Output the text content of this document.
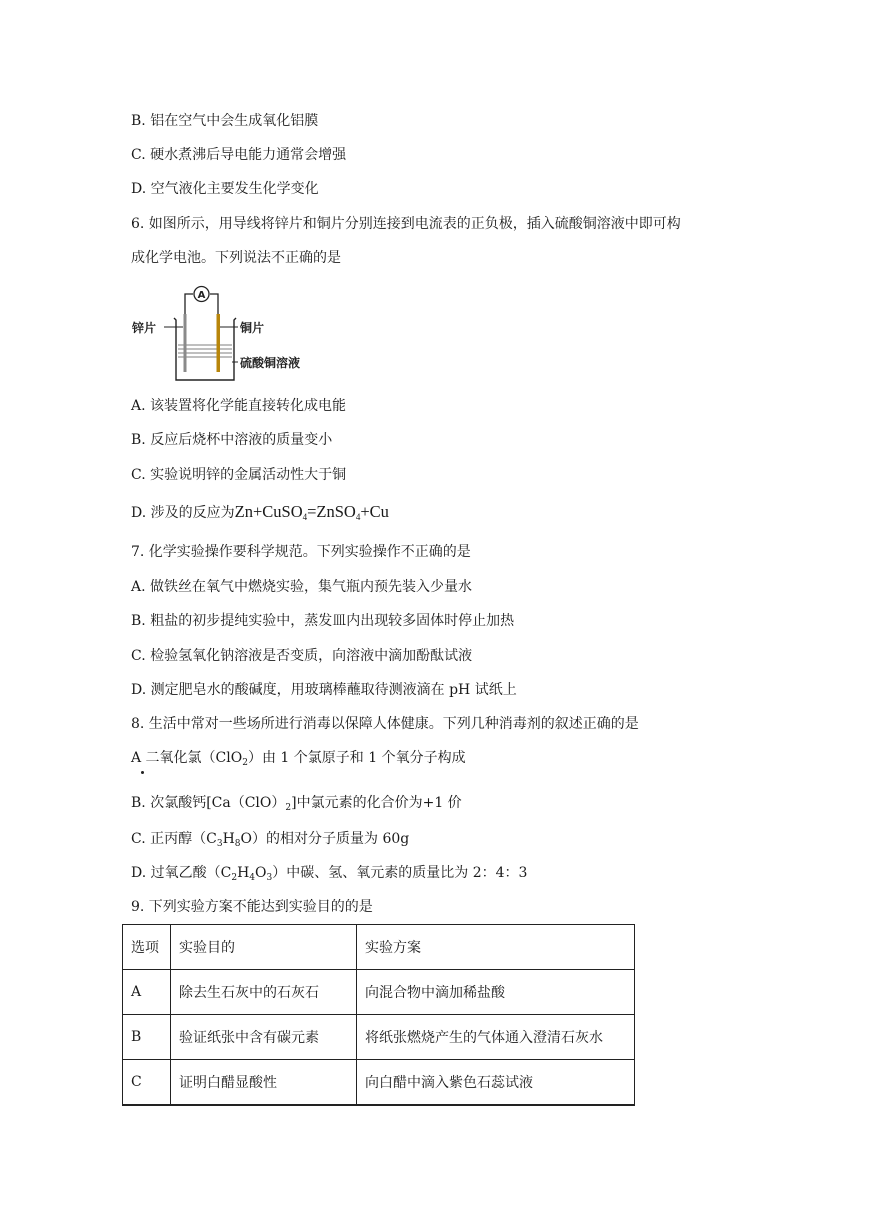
B. 铝在空气中会生成氧化铝膜
C. 硬水煮沸后导电能力通常会增强
D. 空气液化主要发生化学变化
6. 如图所示，用导线将锌片和铜片分别连接到电流表的正负极，插入硫酸铜溶液中即可构
成化学电池。下列说法不正确的是
A
锌片	铜片
硫酸铜溶液
A. 该装置将化学能直接转化成电能
B. 反应后烧杯中溶液的质量变小
C. 实验说明锌的金属活动性大于铜
D. 涉及的反应为Zn+CuSO$_4$=ZnSO$_4$+Cu
7. 化学实验操作要科学规范。下列实验操作不正确的是
A. 做铁丝在氧气中燃烧实验，集气瓶内预先装入少量水
B. 粗盐的初步提纯实验中，蒸发皿内出现较多固体时停止加热
C. 检验氢氧化钠溶液是否变质，向溶液中滴加酚酞试液
D. 测定肥皂水的酸碱度，用玻璃棒蘸取待测液滴在 pH 试纸上
8. 生活中常对一些场所进行消毒以保障人体健康。下列几种消毒剂的叙述正确的是
A 二氧化氯（ClO$_2$）由 1 个氯原子和 1 个氧分子构成
B. 次氯酸钙$[Ca(ClO)_2]$中氯元素的化合价为+1 价
C. 正丙醇$(C_3H_8O)$的相对分子质量为 60g
D. 过氧乙酸$(C_2H_4O_3)$中碳、氢、氧元素的质量比为 2：4：3
9. 下列实验方案不能达到实验目的的是
选项	实验目的	实验方案
A	除去生石灰中的石灰石	向混合物中滴加稀盐酸
B	验证纸张中含有碳元素	将纸张燃烧产生的气体通入澄清石灰水
C	证明白醋显酸性	向白醋中滴入紫色石蕊试液
